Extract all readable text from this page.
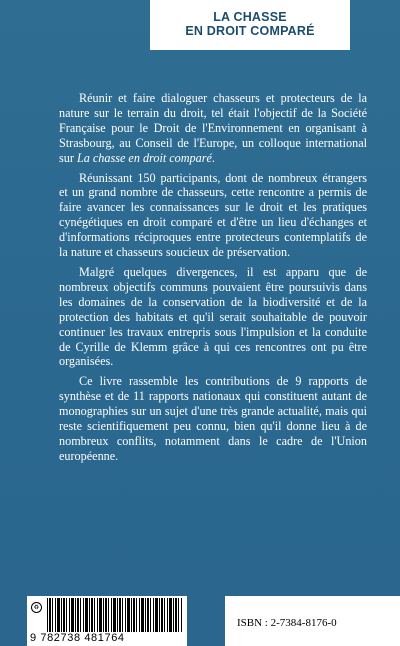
LA CHASSE
EN DROIT COMPARÉ

Réunir et faire dialoguer chasseurs et protecteurs de la nature sur le terrain du droit, tel était l'objectif de la Société Française pour le Droit de l'Environnement en organisant à Strasbourg, au Conseil de l'Europe, un colloque international sur La chasse en droit comparé.

Réunissant 150 participants, dont de nombreux étrangers et un grand nombre de chasseurs, cette rencontre a permis de faire avancer les connaissances sur le droit et les pratiques cynégétiques en droit comparé et d'être un lieu d'échanges et d'informations réciproques entre protecteurs contemplatifs de la nature et chasseurs soucieux de préservation.

Malgré quelques divergences, il est apparu que de nombreux objectifs communs pouvaient être poursuivis dans les domaines de la conservation de la biodiversité et de la protection des habitats et qu'il serait souhaitable de pouvoir continuer les travaux entrepris sous l'impulsion et la conduite de Cyrille de Klemm grâce à qui ces rencontres ont pu être organisées.

Ce livre rassemble les contributions de 9 rapports de synthèse et de 11 rapports nationaux qui constituent autant de monographies sur un sujet d'une très grande actualité, mais qui reste scientifiquement peu connu, bien qu'il donne lieu à de nombreux conflits, notamment dans le cadre de l'Union européenne.

♻
9 782738 481764
ISBN : 2-7384-8176-0
